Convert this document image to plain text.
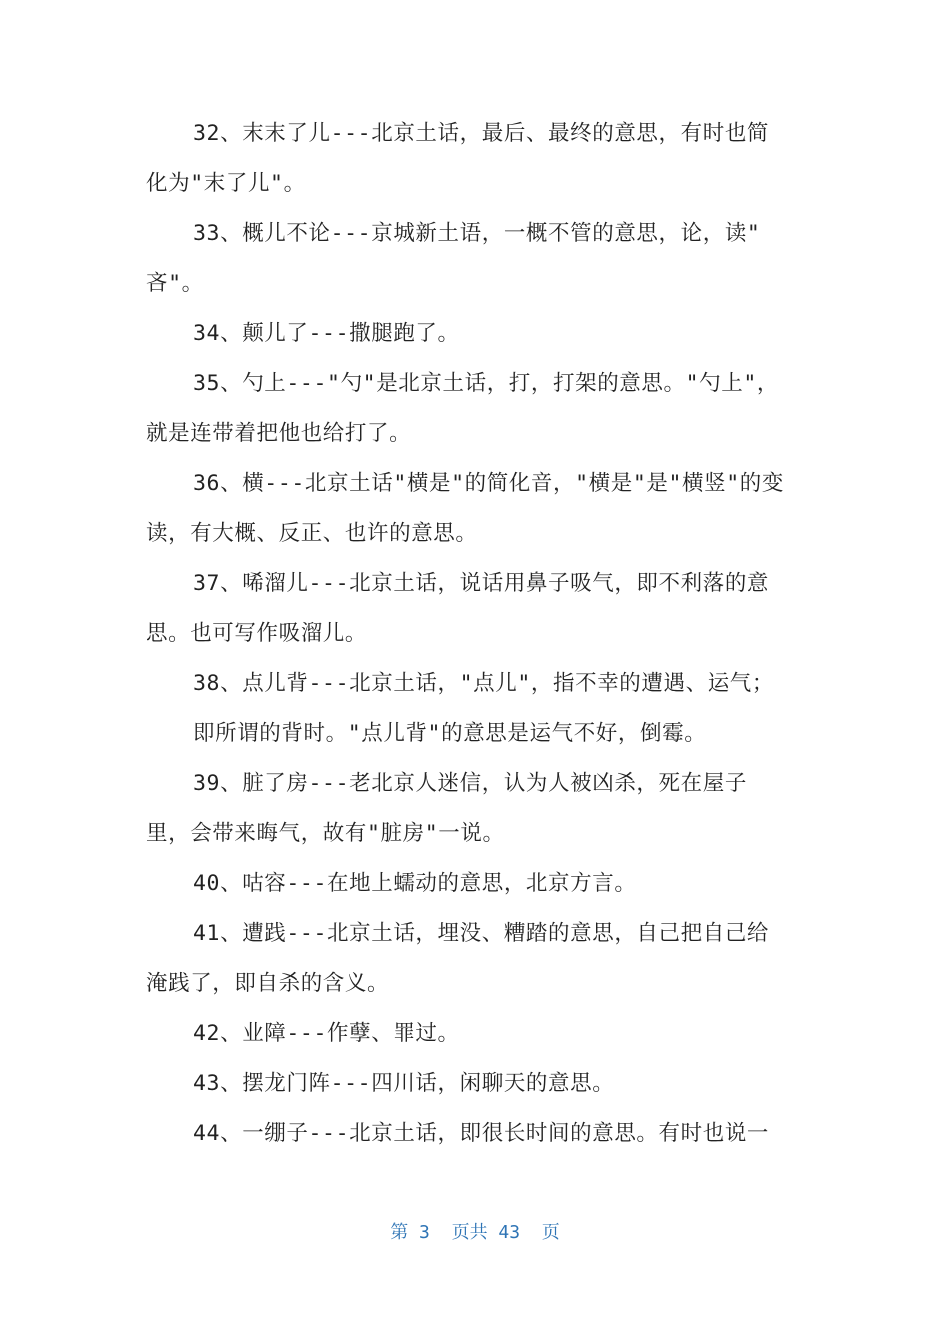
32、末末了儿---北京土话，最后、最终的意思，有时也简
化为"末了儿"。
33、概儿不论---京城新土语，一概不管的意思，论，读"
吝"。
34、颠儿了---撒腿跑了。
35、勺上---"勺"是北京土话，打，打架的意思。"勺上"，
就是连带着把他也给打了。
36、横---北京土话"横是"的简化音，"横是"是"横竖"的变
读，有大概、反正、也许的意思。
37、唏溜儿---北京土话，说话用鼻子吸气，即不利落的意
思。也可写作吸溜儿。
38、点儿背---北京土话，"点儿"，指不幸的遭遇、运气；
即所谓的背时。"点儿背"的意思是运气不好，倒霉。
39、脏了房---老北京人迷信，认为人被凶杀，死在屋子
里，会带来晦气，故有"脏房"一说。
40、咕容---在地上蠕动的意思，北京方言。
41、遭践---北京土话，埋没、糟踏的意思，自己把自己给
淹践了，即自杀的含义。
42、业障---作孽、罪过。
43、摆龙门阵---四川话，闲聊天的意思。
44、一绷子---北京土话，即很长时间的意思。有时也说一
第 3  页共 43  页
